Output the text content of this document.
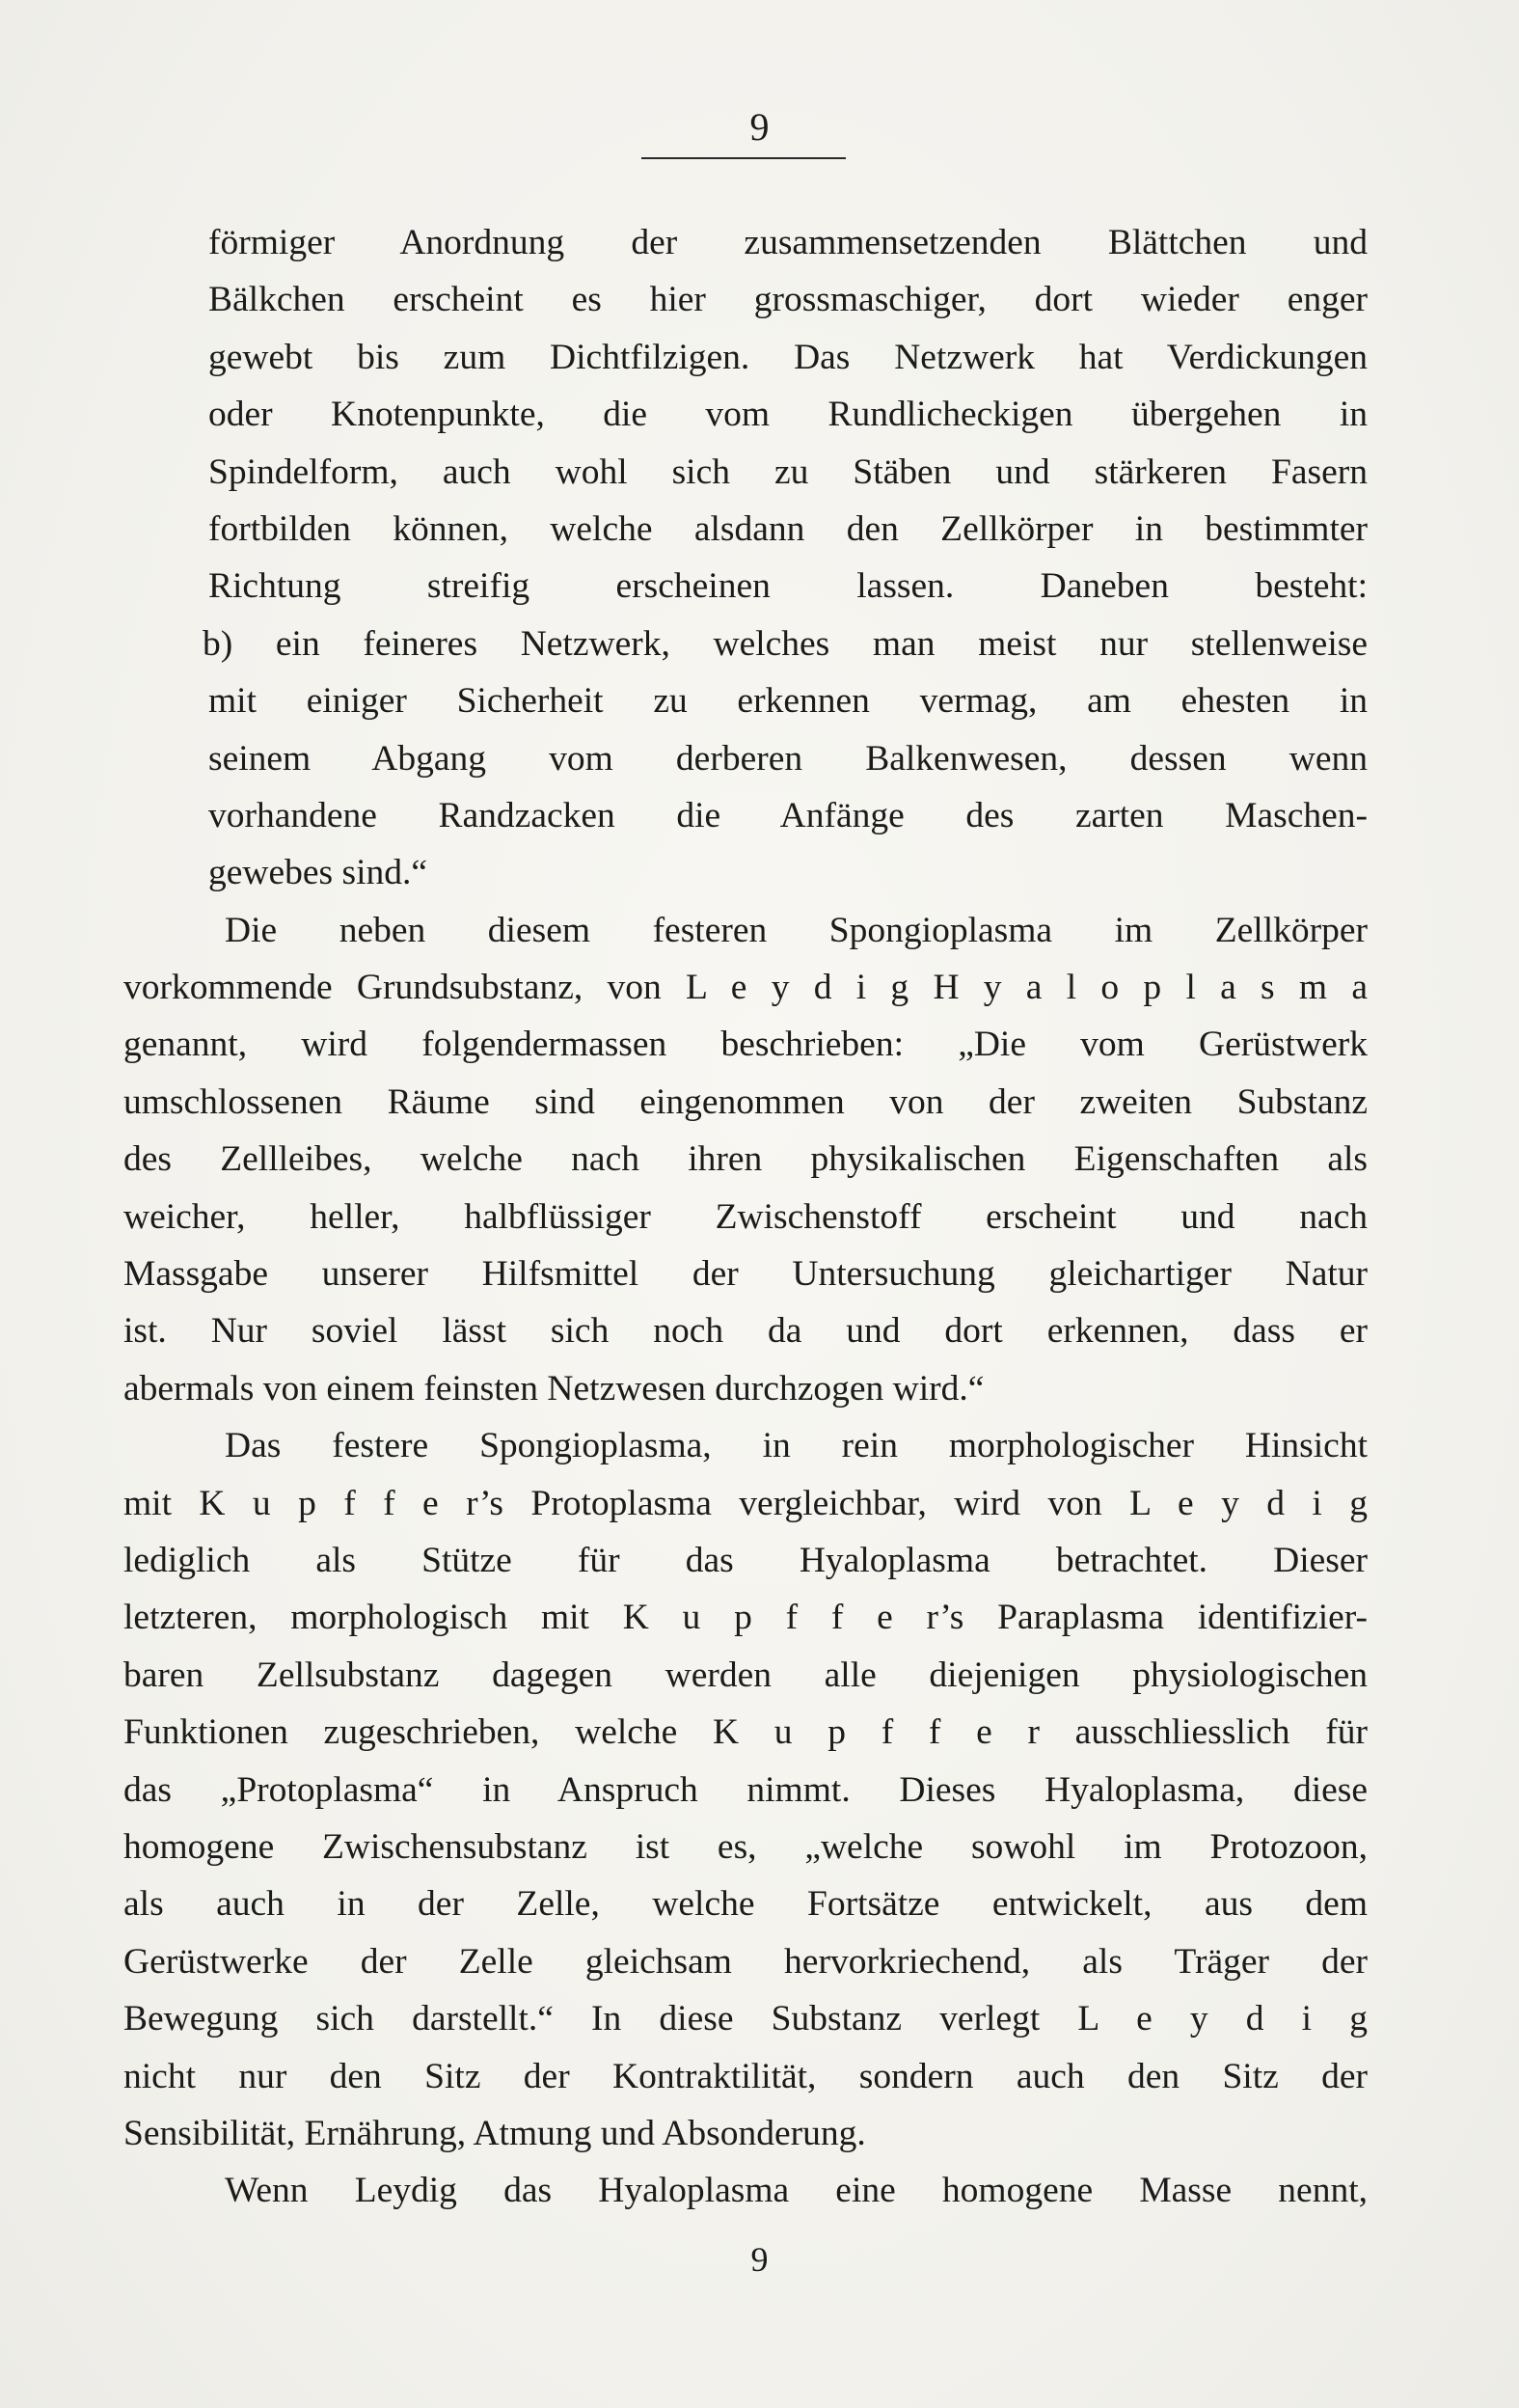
9
förmiger Anordnung der zusammensetzenden Blättchen und
Bälkchen erscheint es hier grossmaschiger, dort wieder enger
gewebt bis zum Dichtfilzigen. Das Netzwerk hat Verdickungen
oder Knotenpunkte, die vom Rundlicheckigen übergehen in
Spindelform, auch wohl sich zu Stäben und stärkeren Fasern
fortbilden können, welche alsdann den Zellkörper in bestimmter
Richtung streifig erscheinen lassen. Daneben besteht:
b) ein feineres Netzwerk, welches man meist nur stellenweise
mit einiger Sicherheit zu erkennen vermag, am ehesten in
seinem Abgang vom derberen Balkenwesen, dessen wenn
vorhandene Randzacken die Anfänge des zarten Maschen-
gewebes sind.“
Die neben diesem festeren Spongioplasma im Zellkörper
vorkommende Grundsubstanz, von L e y d i g H y a l o p l a s m a
genannt, wird folgendermassen beschrieben: „Die vom Gerüstwerk
umschlossenen Räume sind eingenommen von der zweiten Substanz
des Zellleibes, welche nach ihren physikalischen Eigenschaften als
weicher, heller, halbflüssiger Zwischenstoff erscheint und nach
Massgabe unserer Hilfsmittel der Untersuchung gleichartiger Natur
ist. Nur soviel lässt sich noch da und dort erkennen, dass er
abermals von einem feinsten Netzwesen durchzogen wird.“
Das festere Spongioplasma, in rein morphologischer Hinsicht
mit K u p f f e r’s Protoplasma vergleichbar, wird von L e y d i g
lediglich als Stütze für das Hyaloplasma betrachtet. Dieser
letzteren, morphologisch mit K u p f f e r’s Paraplasma identifizier-
baren Zellsubstanz dagegen werden alle diejenigen physiologischen
Funktionen zugeschrieben, welche K u p f f e r ausschliesslich für
das „Protoplasma“ in Anspruch nimmt. Dieses Hyaloplasma, diese
homogene Zwischensubstanz ist es, „welche sowohl im Protozoon,
als auch in der Zelle, welche Fortsätze entwickelt, aus dem
Gerüstwerke der Zelle gleichsam hervorkriechend, als Träger der
Bewegung sich darstellt.“ In diese Substanz verlegt L e y d i g
nicht nur den Sitz der Kontraktilität, sondern auch den Sitz der
Sensibilität, Ernährung, Atmung und Absonderung.
Wenn Leydig das Hyaloplasma eine homogene Masse nennt,
9
